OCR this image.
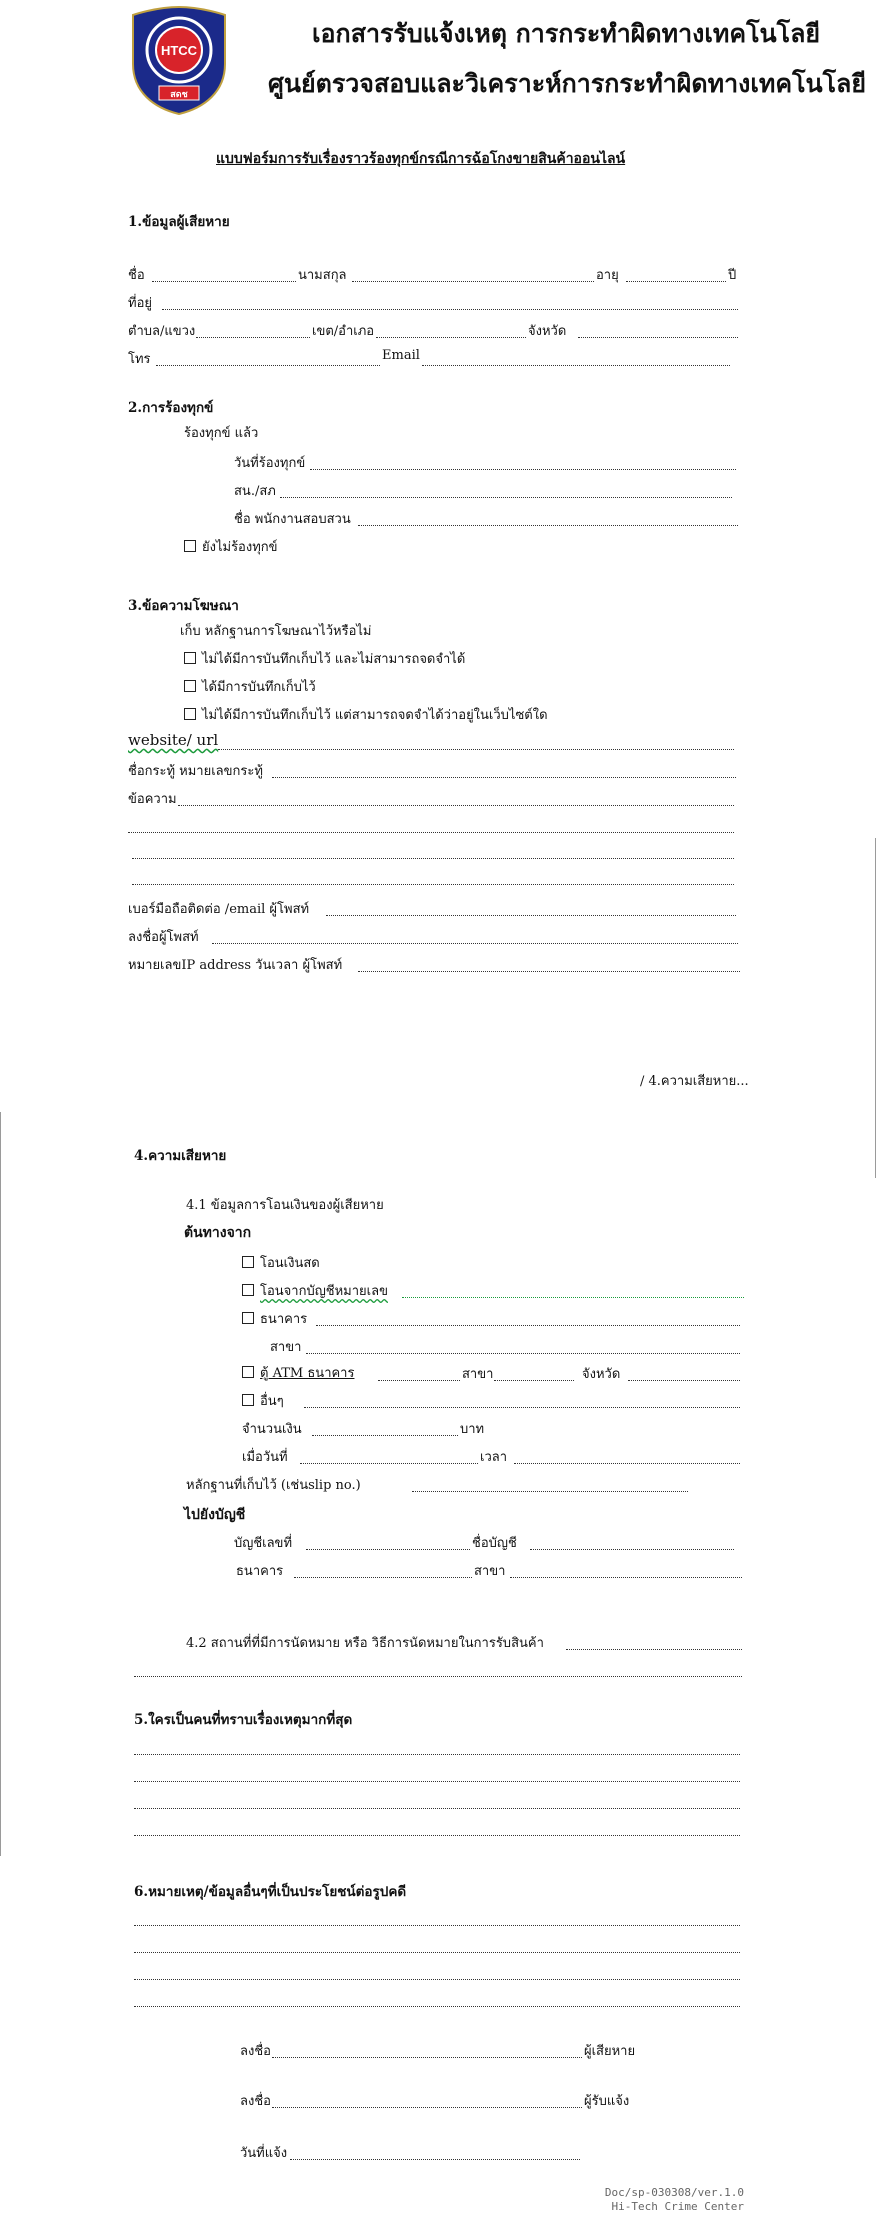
HTCC
สดช
เอกสารรับแจ้งเหตุ การกระทำผิดทางเทคโนโลยี
ศูนย์ตรวจสอบและวิเคราะห์การกระทำผิดทางเทคโนโลยี
แบบฟอร์มการรับเรื่องราวร้องทุกข์กรณีการฉ้อโกงขายสินค้าออนไลน์
1.ข้อมูลผู้เสียหาย
ชื่อ	นามสกุล	อายุ	ปี
ที่อยู่
ตำบล/แขวง	เขต/อำเภอ	จังหวัด
โทร	Email
2.การร้องทุกข์
ร้องทุกข์ แล้ว
วันที่ร้องทุกข์
สน./สภ
ชื่อ พนักงานสอบสวน
ยังไม่ร้องทุกข์
3.ข้อความโฆษณา
เก็บ หลักฐานการโฆษณาไว้หรือไม่
ไม่ได้มีการบันทึกเก็บไว้ และไม่สามารถจดจำได้
ได้มีการบันทึกเก็บไว้
ไม่ได้มีการบันทึกเก็บไว้ แต่สามารถจดจำได้ว่าอยู่ในเว็บไซต์ใด
website/ url
ชื่อกระทู้ หมายเลขกระทู้
ข้อความ
เบอร์มือถือติดต่อ /email ผู้โพสท์
ลงชื่อผู้โพสท์
หมายเลขIP address วันเวลา ผู้โพสท์
/ 4.ความเสียหาย...
4.ความเสียหาย
4.1 ข้อมูลการโอนเงินของผู้เสียหาย
ต้นทางจาก
โอนเงินสด
โอนจากบัญชีหมายเลข
ธนาคาร
สาขา
ตู้ ATM ธนาคาร	สาขา	จังหวัด
อื่นๆ
จำนวนเงิน	บาท
เมื่อวันที่	เวลา
หลักฐานที่เก็บไว้ (เช่นslip no.)
ไปยังบัญชี
บัญชีเลขที่	ชื่อบัญชี
ธนาคาร	สาขา
4.2 สถานที่ที่มีการนัดหมาย หรือ วิธีการนัดหมายในการรับสินค้า
5.ใครเป็นคนที่ทราบเรื่องเหตุมากที่สุด
6.หมายเหตุ/ข้อมูลอื่นๆที่เป็นประโยชน์ต่อรูปคดี
ลงชื่อ	ผู้เสียหาย
ลงชื่อ	ผู้รับแจ้ง
วันที่แจ้ง
Doc/sp-030308/ver.1.0
Hi-Tech Crime Center
